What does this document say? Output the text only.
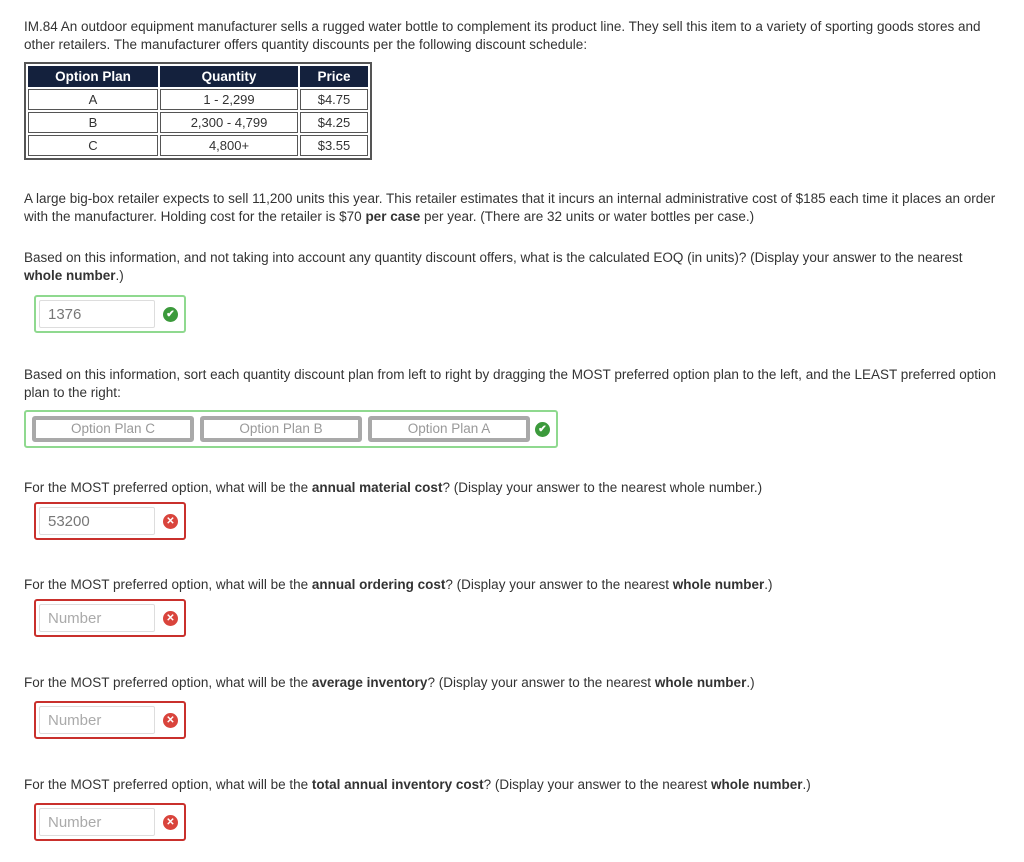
IM.84 An outdoor equipment manufacturer sells a rugged water bottle to complement its product line. They sell this item to a variety of sporting goods stores and other retailers. The manufacturer offers quantity discounts per the following discount schedule:

Option Plan	Quantity	Price
A	1 - 2,299	$4.75
B	2,300 - 4,799	$4.25
C	4,800+	$3.55

A large big-box retailer expects to sell 11,200 units this year. This retailer estimates that it incurs an internal administrative cost of $185 each time it places an order with the manufacturer. Holding cost for the retailer is $70 per case per year. (There are 32 units or water bottles per case.)

Based on this information, and not taking into account any quantity discount offers, what is the calculated EOQ (in units)? (Display your answer to the nearest whole number.)

1376
✔

Based on this information, sort each quantity discount plan from left to right by dragging the MOST preferred option plan to the left, and the LEAST preferred option plan to the right:

Option Plan C	Option Plan B	Option Plan A	✔

For the MOST preferred option, what will be the annual material cost? (Display your answer to the nearest whole number.)

53200
✕

For the MOST preferred option, what will be the annual ordering cost? (Display your answer to the nearest whole number.)

Number
✕

For the MOST preferred option, what will be the average inventory? (Display your answer to the nearest whole number.)

Number
✕

For the MOST preferred option, what will be the total annual inventory cost? (Display your answer to the nearest whole number.)

Number
✕
